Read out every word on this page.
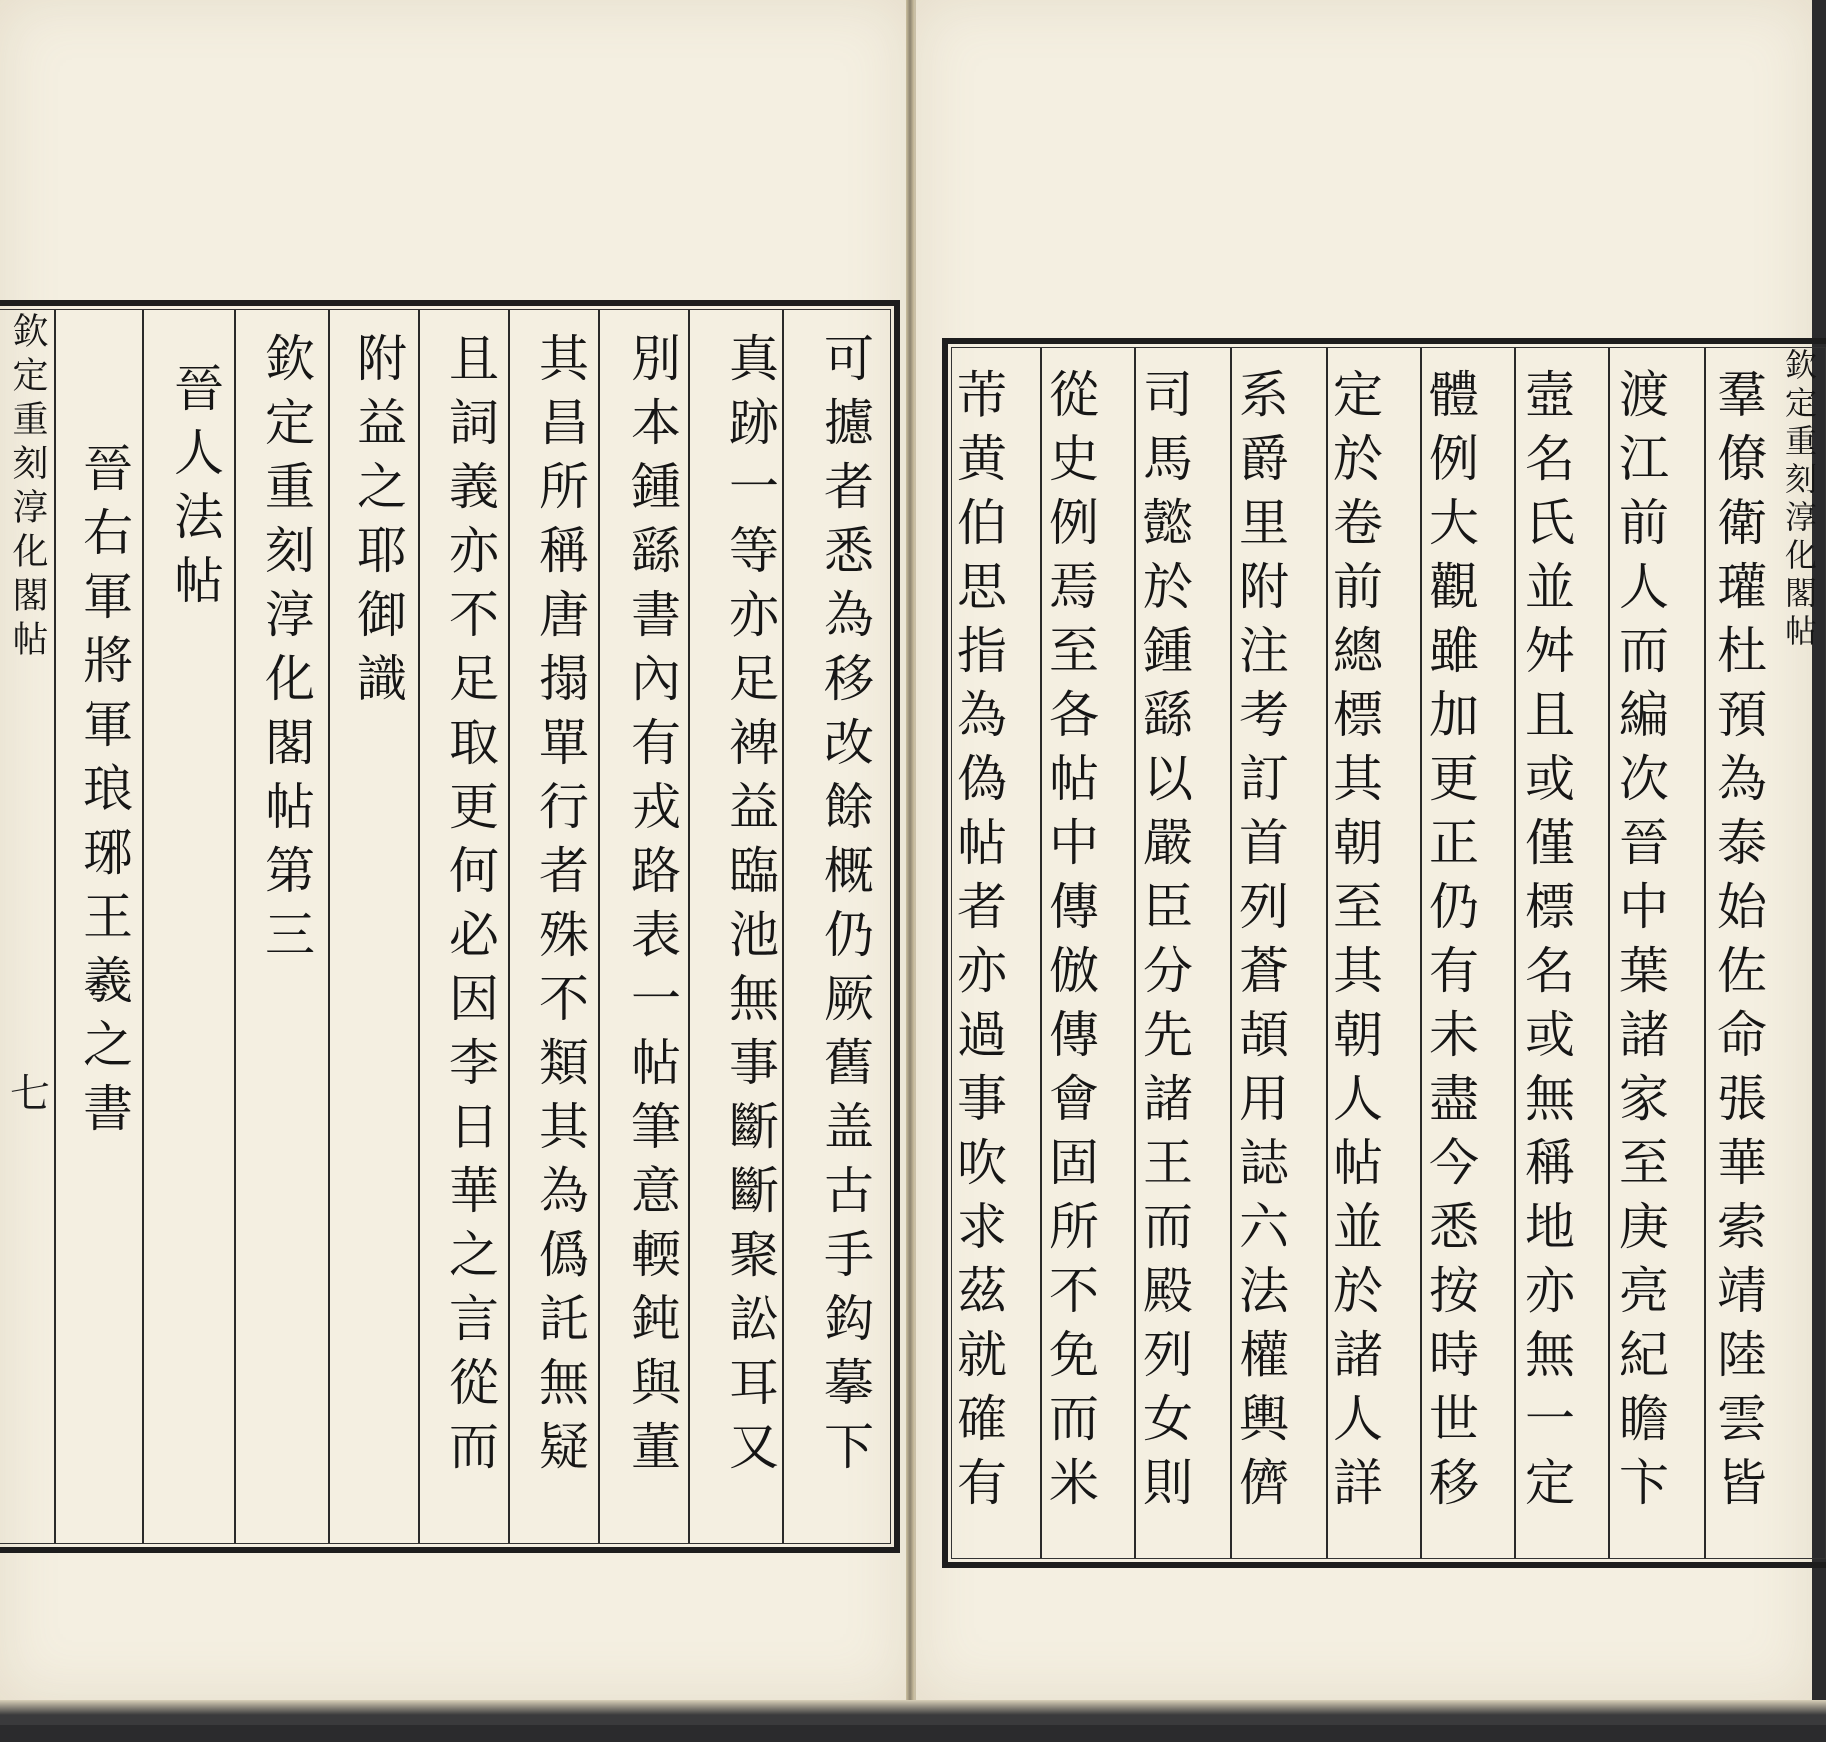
可攄者悉為移改餘概仍厥舊盖古手鈎摹下
真跡一等亦足裨益臨池無事斷斷聚訟耳又
別本鍾繇書內有戎路表一帖筆意輭鈍與董
其昌所稱唐搨單行者殊不類其為僞託無疑
且詞義亦不足取更何必因李日華之言從而
附益之耶御識
欽定重刻淳化閣帖第三
晉人法帖
晉右軍將軍琅琊王羲之書
欽定重刻淳化閣帖
七	羣僚衛瓘杜預為泰始佐命張華索靖陸雲皆
渡江前人而編次晉中葉諸家至庚亮紀瞻卞
壼名氏並舛且或僅標名或無稱地亦無一定
體例大觀雖加更正仍有未盡今悉按時世移
定於卷前總標其朝至其朝人帖並於諸人詳
系爵里附注考訂首列蒼頡用誌六法權輿儕
司馬懿於鍾繇以嚴臣分先諸王而殿列女則
從史例焉至各帖中傳倣傳會固所不免而米
芾黄伯思指為偽帖者亦過事吹求茲就確有	欽定重刻淳化閣帖
